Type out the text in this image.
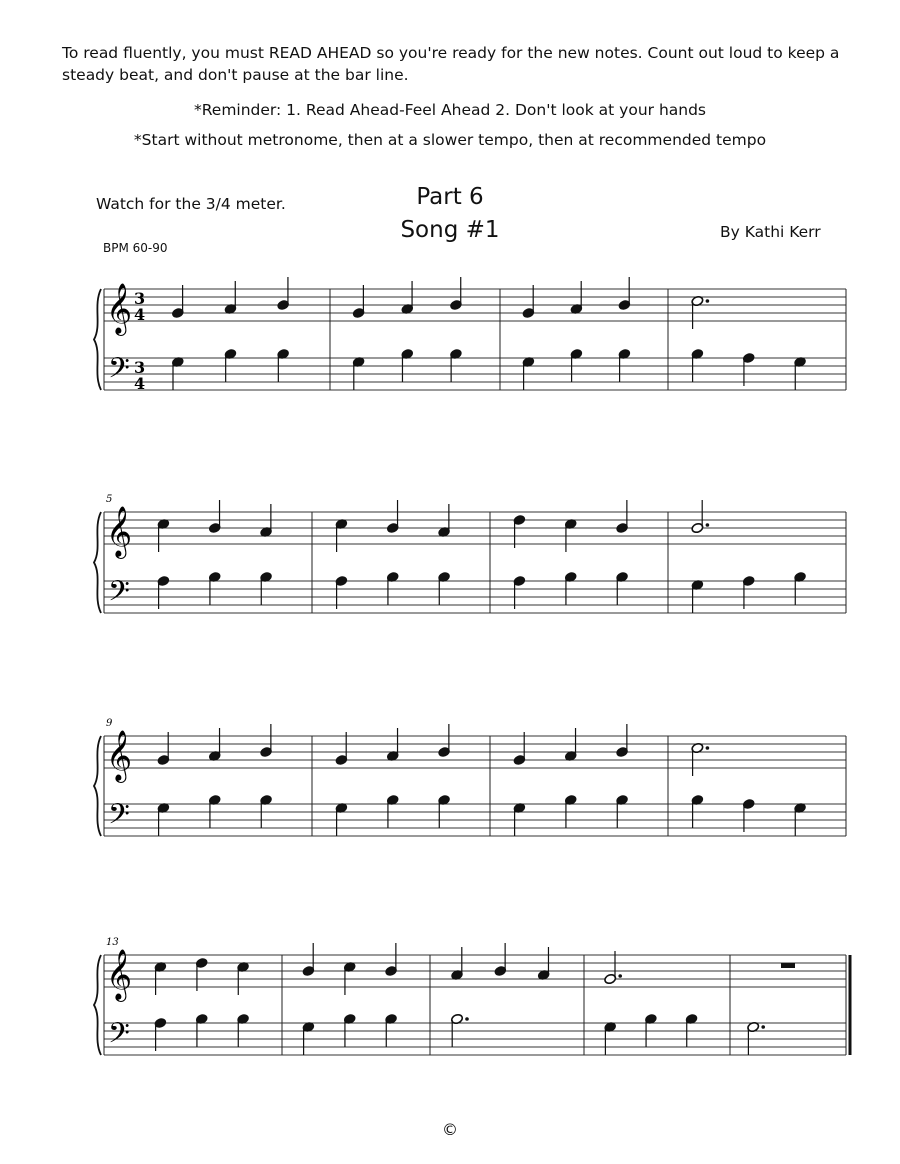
To read fluently, you must READ AHEAD so you're ready for the new notes. Count out loud to keep a steady beat, and don't pause at the bar line.
*Reminder: 1. Read Ahead-Feel Ahead 2. Don't look at your hands
*Start without metronome, then at a slower tempo, then at recommended tempo
Watch for the 3/4 meter.	Part 6
Song #1	By Kathi Kerr
BPM 60-90
𝄞
𝄢
3
4
3
4
𝄞
𝄢
5
𝄞
𝄢
9
𝄞
𝄢
13
©
